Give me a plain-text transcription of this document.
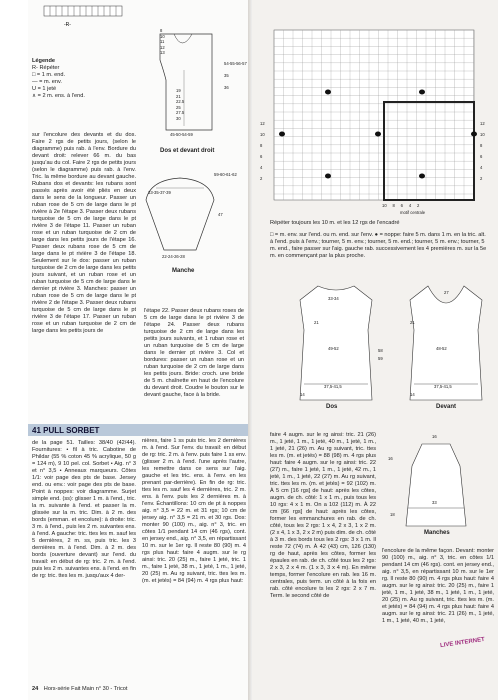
-R-
Légende
R- Répéter
□ = 1 m. end.
— = m. env.
U = 1 jeté
∧ = 2 m. ens. à l'end.
8
10
11
12
13
54-55-56-57
35
36
19
21
22.5
25
27.5
30
45-50-54-59
Dos et devant droit
59-60-61-62
33-35-37-39
47
22-24-26-28
Manche
sur l'encolure des devants et du dos. Faire 2 rgs de petits jours, (selon le diagramme) puis rab. à l'env. Bordure du devant droit: relever 66 m. du bas jusqu'au du col. Faire 2 rgs de petits jours (selon le diagramme) puis rab. à l'env. Tric. la même bordure au devant gauche. Rubans dos et devants: les rubans sont passés après avoir été pliés en deux dans le sens de la longueur. Passer un ruban rose de 5 cm de large dans le pt rivière à 2e l'étape 3. Passer deux rubans turquoise de 5 cm de large dans le pt rivière 3 de l'étape 11. Passer un ruban rose et un ruban turquoise de 2 cm de large dans les petits jours de l'étape 16. Passer deux rubans rose de 5 cm de large dans le pt rivière 3 de l'étape 18. Seulement sur le dos: passer un ruban turquoise de 2 cm de large dans les petits jours suivant, et un ruban rose et un ruban turquoise de 5 cm de large dans le dernier pt rivière 3. Manches: passer un ruban rose de 5 cm de large dans le pt rivière 2 de l'étape 3. Passer deux rubans turquoise de 5 cm de large dans le pt rivière 3 de l'étape 17. Passer un ruban rose et un ruban turquoise de 2 cm de large dans les petits jours de
l'étape 22. Passer deux rubans roses de 5 cm de large dans le pt rivière 3 de l'étape 24. Passer deux rubans turquoise de 2 cm de large dans les petits jours suivants, et 1 ruban rose et un ruban turquoise de 5 cm de large dans le dernier pt rivière 3. Col et bordures: passer un ruban rose et un ruban turquoise de 2 cm de large dans les petits jours. Bride: croch. une bride de 5 m. chaînette en haut de l'encolure du devant droit. Coudre le bouton sur le devant gauche, face à la bride.
41 PULL SORBET
de la page 51. Tailles: 38/40 (42/44). Fournitures: • fil à tric. Cabotine de Phildar (55 % coton 45 % acrylique, 50 g = 124 m), 9 10 pel. col. Sorbet • Aig. n° 3 et n° 3,5 • Anneaux marqueurs. Côtes 1/1: voir page des pts de base. Jersey end. ou env.: voir page des pts de base. Point à noppes: voir diagramme. Surjet simple end. (ss): glisser 1 m. à l'end., tric. la m. suivante à l'end. et passer la m. glissée sur la m. tric. Dim. à 2 m. des bords (emman. et encolure): à droite: tric. 3 m. à l'end., puis les 2 m. suivantes ens. à l'end. A gauche: tric. ttes les m. sauf les 5 dernières, 2 m. ss, puis tric. les 3 dernières m. à l'end. Dim. à 2 m. des bords (ouverture devant) sur l'end. du travail: en début de rg: tric. 2 m. à l'end. puis les 2 m. suivantes ens. à l'end. en fin de rg: tric. ttes les m. jusqu'aux 4 der-
nières, faire 1 ss puis tric. les 2 dernières m. à l'end. Sur l'env. du travail: en début de rg: tric. 2 m. à l'env. puis faire 1 ss env. (glisser 2 m. à l'end. l'une après l'autre, les remettre dans ce sens sur l'aig. gauche et les tric. ens. à l'env. en les prenant par-derrière). En fin de rg: tric. ttes les m. sauf les 4 dernières, tric. 2 m. ens. à l'env. puis les 2 dernières m. à l'env. Échantillons: 10 cm de pt à noppes aig. n° 3,5 = 22 m. et 31 rgs; 10 cm de jersey aig. n° 3,5 = 21 m. et 30 rgs. Dos: monter 90 (100) m., aig. n° 3, tric. en côtes 1/1 pendant 14 cm (46 rgs), cont. en jersey end., aig. n° 3,5, en répartissant 10 m. sur le 1er rg. Il reste 80 (90) m. 4 rgs plus haut: faire 4 augm. sur le rg ainsi: tric. 20 (25) m., faire 1 jeté, tric. 1 m., faire 1 jeté, 38 m., 1 jeté, 1 m., 1 jeté, 20 (25) m. Au rg suivant, tric. ttes les m. (m. et jetés) = 84 (94) m. 4 rgs plus haut:
24 Hors-série Fait Main n° 30 - Tricot
12
10
8
6
4
2
10 8 6 4 2
12
10
8
6
4
2
motif centrale
Répéter toujours les 10 m. et les 12 rgs de l'encadré
□ = m. env. sur l'end. ou m. end. sur l'env. ● = noppe: faire 5 m. dans 1 m. en la tric. alt. à l'end. puis à l'env.; tourner, 5 m. env.; tourner, 5 m. end.; tourner, 5 m. env.; tourner, 5 m. end., faire passer sur l'aig. gauche rab. successivement les 4 premières m. sur la 5e m. en commençant par la plus proche.
33-34
21
49-52
37,5-41,5
14
58
59
Dos
27
21
48-52
37,5-41,5
14
Devant
faire 4 augm. sur le rg ainsi: tric. 21 (26) m., 1 jeté, 1 m., 1 jeté, 40 m., 1 jeté, 1 m., 1 jeté, 21 (26) m. Au rg suivant, tric. ttes les m. (m. et jetés) = 88 (98) m. 4 rgs plus haut: faire 4 augm. sur le rg ainsi: tric. 22 (27) m., faire 1 jeté, 1 m., 1 jeté, 42 m., 1 jeté, 1 m., 1 jeté, 22 (27) m. Au rg suivant, tric. ttes les m. (m. et jetés) = 92 (102) m. À 5 cm [16 rgs] de haut: après les côtes, augm. de ch. côté: 1 x 1 m., puis tous les 10 rgs: 4 x 1 m. On a 102 (112) m. À 22 cm [66 rgs] de haut: après les côtes, former les emmanchures en rab. de ch. côté, tous les 2 rgs: 1 x 4, 2 x 3, 1 x 2 m. (2 x 4, 1 x 3, 2 x 2 m) puis dim. de ch. côté à 3 m. des bords tous les 2 rgs: 3 x 1 m. Il reste 72 (74) m. À 42 (43) cm, 126 (130) rg de haut, après les côtes, former les épaules en rab. de ch. côté tous les 2 rgs: 2 x 3, 2 x 4 m. (1 x 3, 3 x 4 m). En même temps, former l'encolure en rab. les 16 m. centrales, puis term. un côté à la fois en rab. côté encolure ts les 2 rgs: 2 x 7 m. Term. le second côté de
16
16
33
18
Manches
l'encolure de la même façon. Devant: monter 90 (100) m., aig. n° 3, tric. en côtes 1/1 pendant 14 cm (46 rgs). cont. en jersey end., aig. n° 3,5, en répartissant 10 m. sur le 1er rg. Il reste 80 (90) m. 4 rgs plus haut: faire 4 augm. sur le rg ainsi: tric. 20 (25) m., faire 1 jeté, 1 m., 1 jeté, 38 m., 1 jeté, 1 m., 1 jeté, 20 (25) m. Au rg suivant, tric. ttes les m. (m. et jetés) = 84 (94) m. 4 rgs plus haut: faire 4 augm. sur le rg ainsi: tric. 21 (26) m., 1 jeté, 1 m., 1 jeté, 40 m., 1 jeté,
LIVE INTERNET
